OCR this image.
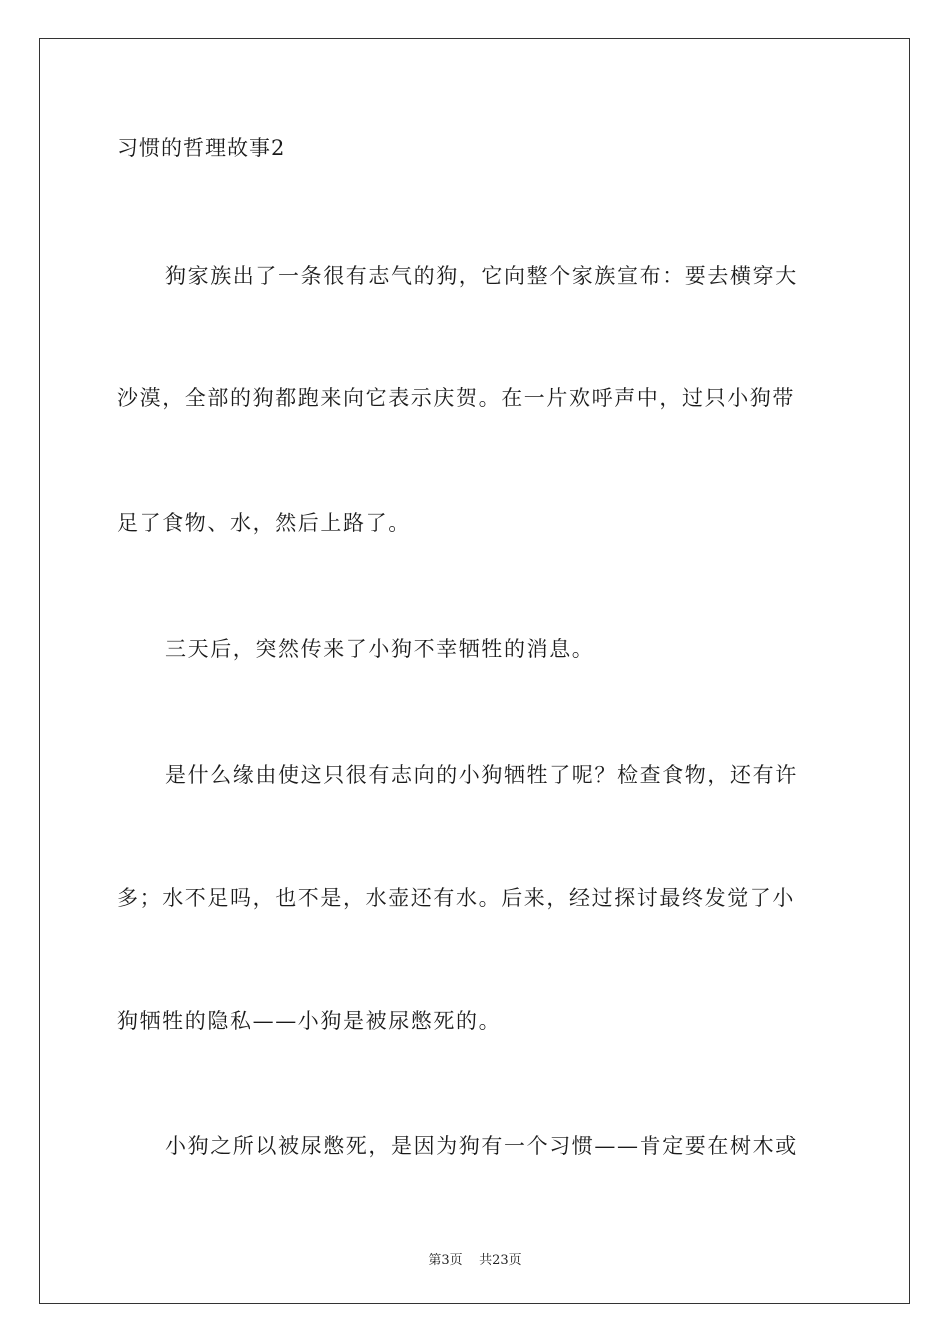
习惯的哲理故事2
狗家族出了一条很有志气的狗，它向整个家族宣布：要去横穿大
沙漠，全部的狗都跑来向它表示庆贺。在一片欢呼声中，过只小狗带
足了食物、水，然后上路了。
三天后，突然传来了小狗不幸牺牲的消息。
是什么缘由使这只很有志向的小狗牺牲了呢？检查食物，还有许
多；水不足吗，也不是，水壶还有水。后来，经过探讨最终发觉了小
狗牺牲的隐私——小狗是被尿憋死的。
小狗之所以被尿憋死，是因为狗有一个习惯——肯定要在树木或
第3页 共23页
